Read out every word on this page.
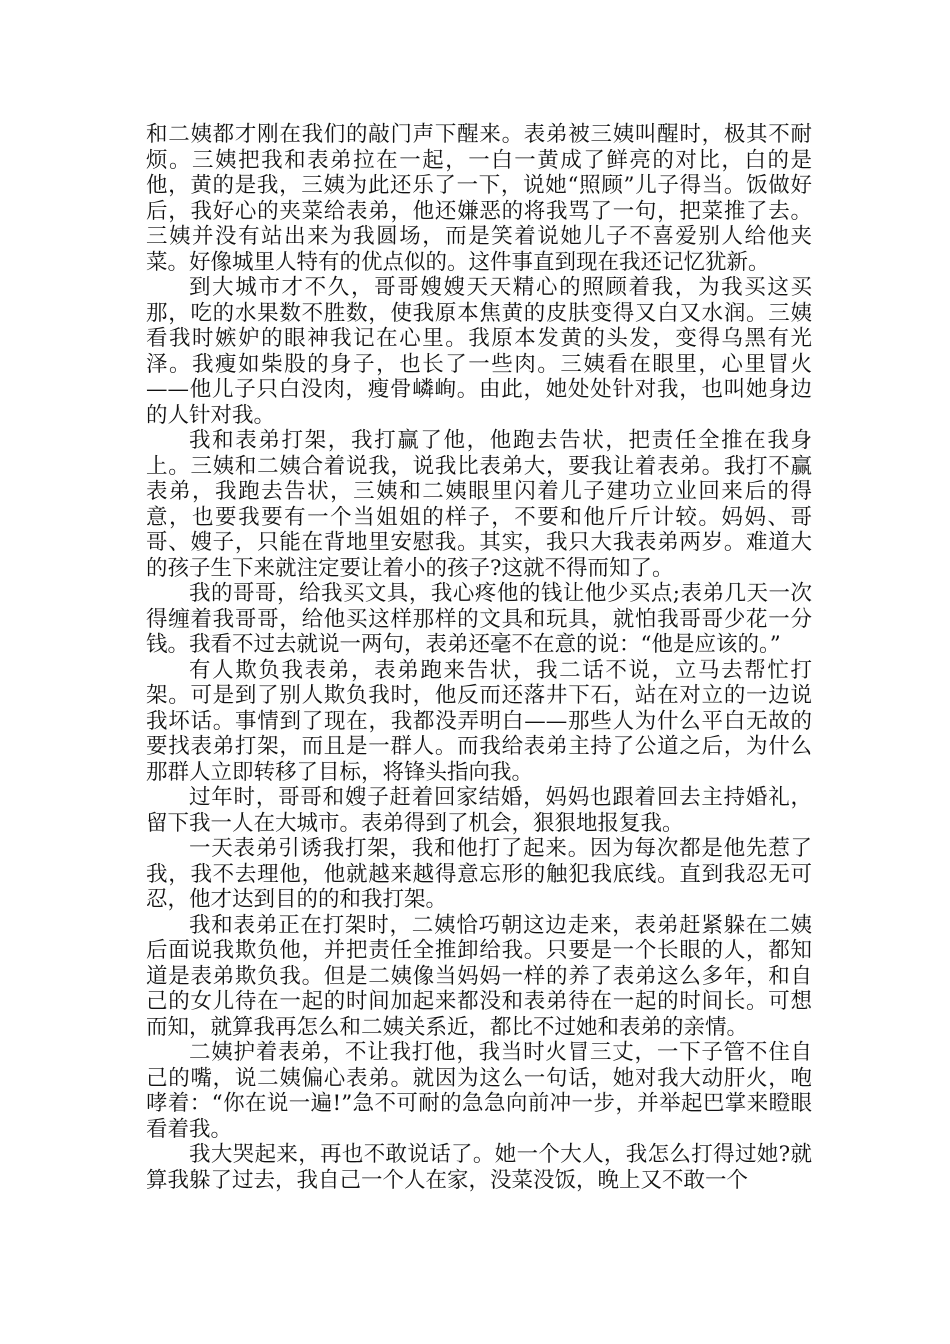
和二姨都才刚在我们的敲门声下醒来。表弟被三姨叫醒时，极其不耐烦。三姨把我和表弟拉在一起，一白一黄成了鲜亮的对比，白的是他，黄的是我，三姨为此还乐了一下，说她“照顾”儿子得当。饭做好后，我好心的夹菜给表弟，他还嫌恶的将我骂了一句，把菜推了去。三姨并没有站出来为我圆场，而是笑着说她儿子不喜爱别人给他夹菜。好像城里人特有的优点似的。这件事直到现在我还记忆犹新。

到大城市才不久，哥哥嫂嫂天天精心的照顾着我，为我买这买那，吃的水果数不胜数，使我原本焦黄的皮肤变得又白又水润。三姨看我时嫉妒的眼神我记在心里。我原本发黄的头发，变得乌黑有光泽。我瘦如柴股的身子，也长了一些肉。三姨看在眼里，心里冒火——他儿子只白没肉，瘦骨嶙峋。由此，她处处针对我，也叫她身边的人针对我。

我和表弟打架，我打赢了他，他跑去告状，把责任全推在我身上。三姨和二姨合着说我，说我比表弟大，要我让着表弟。我打不赢表弟，我跑去告状，三姨和二姨眼里闪着儿子建功立业回来后的得意，也要我要有一个当姐姐的样子，不要和他斤斤计较。妈妈、哥哥、嫂子，只能在背地里安慰我。其实，我只大我表弟两岁。难道大的孩子生下来就注定要让着小的孩子?这就不得而知了。

我的哥哥，给我买文具，我心疼他的钱让他少买点;表弟几天一次得缠着我哥哥，给他买这样那样的文具和玩具，就怕我哥哥少花一分钱。我看不过去就说一两句，表弟还毫不在意的说：“他是应该的。”

有人欺负我表弟，表弟跑来告状，我二话不说，立马去帮忙打架。可是到了别人欺负我时，他反而还落井下石，站在对立的一边说我坏话。事情到了现在，我都没弄明白——那些人为什么平白无故的要找表弟打架，而且是一群人。而我给表弟主持了公道之后，为什么那群人立即转移了目标，将锋头指向我。

过年时，哥哥和嫂子赶着回家结婚，妈妈也跟着回去主持婚礼，留下我一人在大城市。表弟得到了机会，狠狠地报复我。

一天表弟引诱我打架，我和他打了起来。因为每次都是他先惹了我，我不去理他，他就越来越得意忘形的触犯我底线。直到我忍无可忍，他才达到目的的和我打架。

我和表弟正在打架时，二姨恰巧朝这边走来，表弟赶紧躲在二姨后面说我欺负他，并把责任全推卸给我。只要是一个长眼的人，都知道是表弟欺负我。但是二姨像当妈妈一样的养了表弟这么多年，和自己的女儿待在一起的时间加起来都没和表弟待在一起的时间长。可想而知，就算我再怎么和二姨关系近，都比不过她和表弟的亲情。

二姨护着表弟，不让我打他，我当时火冒三丈，一下子管不住自己的嘴，说二姨偏心表弟。就因为这么一句话，她对我大动肝火，咆哮着：“你在说一遍!”急不可耐的急急向前冲一步，并举起巴掌来瞪眼看着我。

我大哭起来，再也不敢说话了。她一个大人，我怎么打得过她?就算我躲了过去，我自己一个人在家，没菜没饭，晚上又不敢一个
